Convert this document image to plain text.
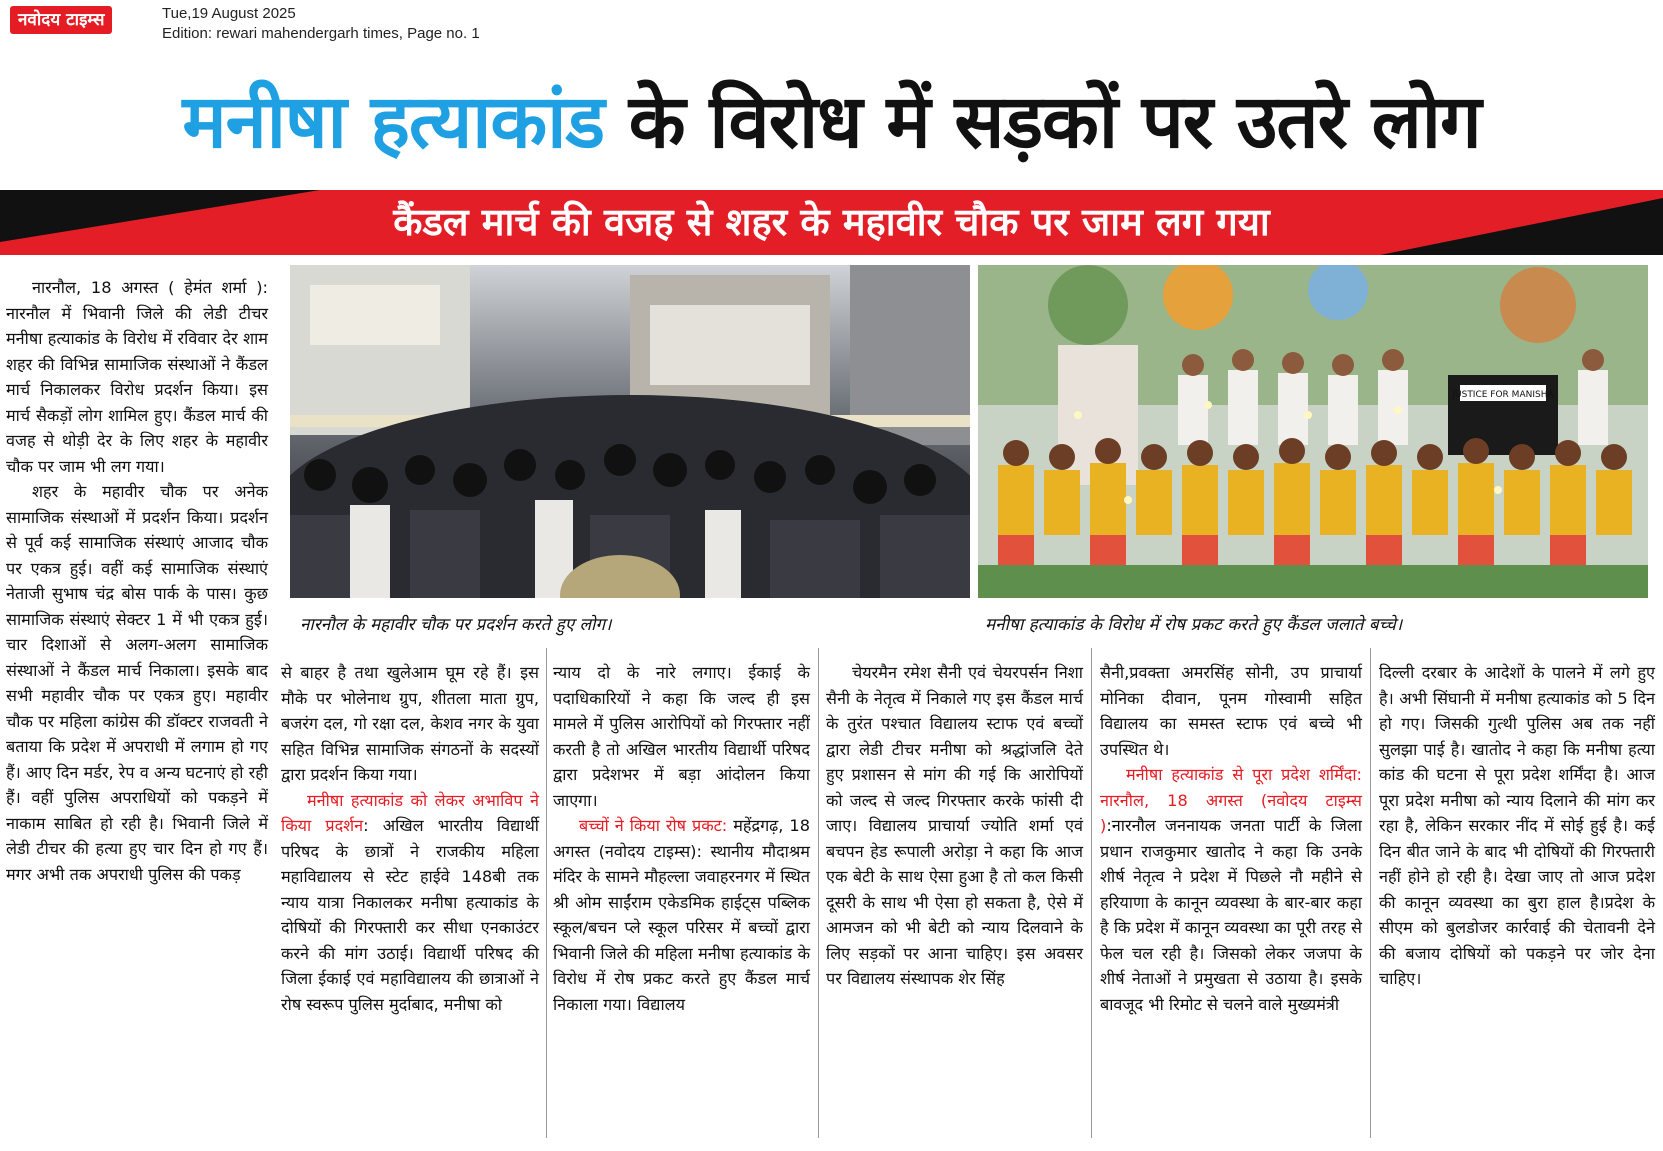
नवोदय टाइम्स	Tue,19 August 2025
Edition: rewari mahendergarh times, Page no. 1
मनीषा हत्याकांड के विरोध में सड़कों पर उतरे लोग
कैंडल मार्च की वजह से शहर के महावीर चौक पर जाम लग गया
नारनौल के महावीर चौक पर प्रदर्शन करते हुए लोग।
JUSTICE FOR MANISHA
मनीषा हत्याकांड के विरोध में रोष प्रकट करते हुए कैंडल जलाते बच्चे।

नारनौल, 18 अगस्त ( हेमंत शर्मा ): नारनौल में भिवानी जिले की लेडी टीचर मनीषा हत्याकांड के विरोध में रविवार देर शाम शहर की विभिन्न सामाजिक संस्थाओं ने कैंडल मार्च निकालकर विरोध प्रदर्शन किया। इस मार्च सैकड़ों लोग शामिल हुए। कैंडल मार्च की वजह से थोड़ी देर के लिए शहर के महावीर चौक पर जाम भी लग गया।

शहर के महावीर चौक पर अनेक सामाजिक संस्थाओं में प्रदर्शन किया। प्रदर्शन से पूर्व कई सामाजिक संस्थाएं आजाद चौक पर एकत्र हुई। वहीं कई सामाजिक संस्थाएं नेताजी सुभाष चंद्र बोस पार्क के पास। कुछ सामाजिक संस्थाएं सेक्टर 1 में भी एकत्र हुई। चार दिशाओं से अलग-अलग सामाजिक संस्थाओं ने कैंडल मार्च निकाला। इसके बाद सभी महावीर चौक पर एकत्र हुए। महावीर चौक पर महिला कांग्रेस की डॉक्टर राजवती ने बताया कि प्रदेश में अपराधी में लगाम हो गए हैं। आए दिन मर्डर, रेप व अन्य घटनाएं हो रही हैं। वहीं पुलिस अपराधियों को पकड़ने में नाकाम साबित हो रही है। भिवानी जिले में लेडी टीचर की हत्या हुए चार दिन हो गए हैं। मगर अभी तक अपराधी पुलिस की पकड़

से बाहर है तथा खुलेआम घूम रहे हैं। इस मौके पर भोलेनाथ ग्रुप, शीतला माता ग्रुप, बजरंग दल, गो रक्षा दल, केशव नगर के युवा सहित विभिन्न सामाजिक संगठनों के सदस्यों द्वारा प्रदर्शन किया गया।

मनीषा हत्याकांड को लेकर अभाविप ने किया प्रदर्शन: अखिल भारतीय विद्यार्थी परिषद के छात्रों ने राजकीय महिला महाविद्यालय से स्टेट हाईवे 148बी तक न्याय यात्रा निकालकर मनीषा हत्याकांड के दोषियों की गिरफ्तारी कर सीधा एनकाउंटर करने की मांग उठाई। विद्यार्थी परिषद की जिला ईकाई एवं महाविद्यालय की छात्राओं ने रोष स्वरूप पुलिस मुर्दाबाद, मनीषा को

न्याय दो के नारे लगाए। ईकाई के पदाधिकारियों ने कहा कि जल्द ही इस मामले में पुलिस आरोपियों को गिरफ्तार नहीं करती है तो अखिल भारतीय विद्यार्थी परिषद द्वारा प्रदेशभर में बड़ा आंदोलन किया जाएगा।

बच्चों ने किया रोष प्रकट: महेंद्रगढ़, 18 अगस्त (नवोदय टाइम्स): स्थानीय मौदाश्रम मंदिर के सामने मौहल्ला जवाहरनगर में स्थित श्री ओम साईंराम एकेडमिक हाईट्स पब्लिक स्कूल/बचन प्ले स्कूल परिसर में बच्चों द्वारा भिवानी जिले की महिला मनीषा हत्याकांड के विरोध में रोष प्रकट करते हुए कैंडल मार्च निकाला गया। विद्यालय

चेयरमैन रमेश सैनी एवं चेयरपर्सन निशा सैनी के नेतृत्व में निकाले गए इस कैंडल मार्च के तुरंत पश्चात विद्यालय स्टाफ एवं बच्चों द्वारा लेडी टीचर मनीषा को श्रद्धांजलि देते हुए प्रशासन से मांग की गई कि आरोपियों को जल्द से जल्द गिरफ्तार करके फांसी दी जाए। विद्यालय प्राचार्या ज्योति शर्मा एवं बचपन हेड रूपाली अरोड़ा ने कहा कि आज एक बेटी के साथ ऐसा हुआ है तो कल किसी दूसरी के साथ भी ऐसा हो सकता है, ऐसे में आमजन को भी बेटी को न्याय दिलवाने के लिए सड़कों पर आना चाहिए। इस अवसर पर विद्यालय संस्थापक शेर सिंह

सैनी,प्रवक्ता अमरसिंह सोनी, उप प्राचार्या मोनिका दीवान, पूनम गोस्वामी सहित विद्यालय का समस्त स्टाफ एवं बच्चे भी उपस्थित थे।

मनीषा हत्याकांड से पूरा प्रदेश शर्मिंदा: नारनौल, 18 अगस्त (नवोदय टाइम्स ):नारनौल जननायक जनता पार्टी के जिला प्रधान राजकुमार खातोद ने कहा कि उनके शीर्ष नेतृत्व ने प्रदेश में पिछले नौ महीने से हरियाणा के कानून व्यवस्था के बार-बार कहा है कि प्रदेश में कानून व्यवस्था का पूरी तरह से फेल चल रही है। जिसको लेकर जजपा के शीर्ष नेताओं ने प्रमुखता से उठाया है। इसके बावजूद भी रिमोट से चलने वाले मुख्यमंत्री

दिल्ली दरबार के आदेशों के पालने में लगे हुए है। अभी सिंघानी में मनीषा हत्याकांड को 5 दिन हो गए। जिसकी गुत्थी पुलिस अब तक नहीं सुलझा पाई है। खातोद ने कहा कि मनीषा हत्या कांड की घटना से पूरा प्रदेश शर्मिंदा है। आज पूरा प्रदेश मनीषा को न्याय दिलाने की मांग कर रहा है, लेकिन सरकार नींद में सोई हुई है। कई दिन बीत जाने के बाद भी दोषियों की गिरफ्तारी नहीं होने हो रही है। देखा जाए तो आज प्रदेश की कानून व्यवस्था का बुरा हाल है।प्रदेश के सीएम को बुलडोजर कार्रवाई की चेतावनी देने की बजाय दोषियों को पकड़ने पर जोर देना चाहिए।
